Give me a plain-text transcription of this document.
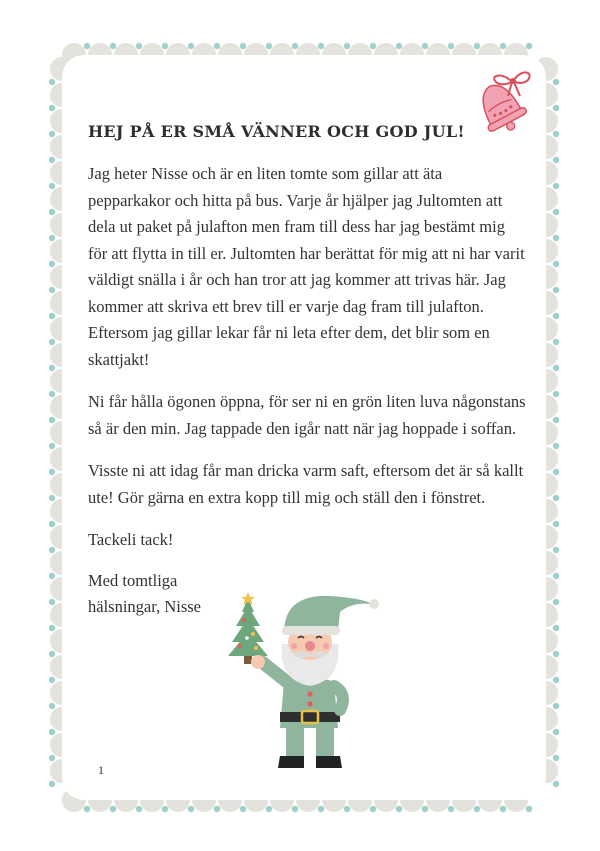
HEJ PÅ ER SMÅ VÄNNER OCH GOD JUL!

Jag heter Nisse och är en liten tomte som gillar att äta pepparkakor och hitta på bus. Varje år hjälper jag Jultomten att dela ut paket på julafton men fram till dess har jag bestämt mig för att flytta in till er. Jultomten har berättat för mig att ni har varit väldigt snälla i år och han tror att jag kommer att trivas här. Jag kommer att skriva ett brev till er varje dag fram till julafton. Eftersom jag gillar lekar får ni leta efter dem, det blir som en skattjakt!

Ni får hålla ögonen öppna, för ser ni en grön liten luva någonstans så är den min. Jag tappade den igår natt när jag hoppade i soffan.

Visste ni att idag får man dricka varm saft, eftersom det är så kallt ute! Gör gärna en extra kopp till mig och ställ den i fönstret.

Tackeli tack!

Med tomtliga
hälsningar, Nisse
1
